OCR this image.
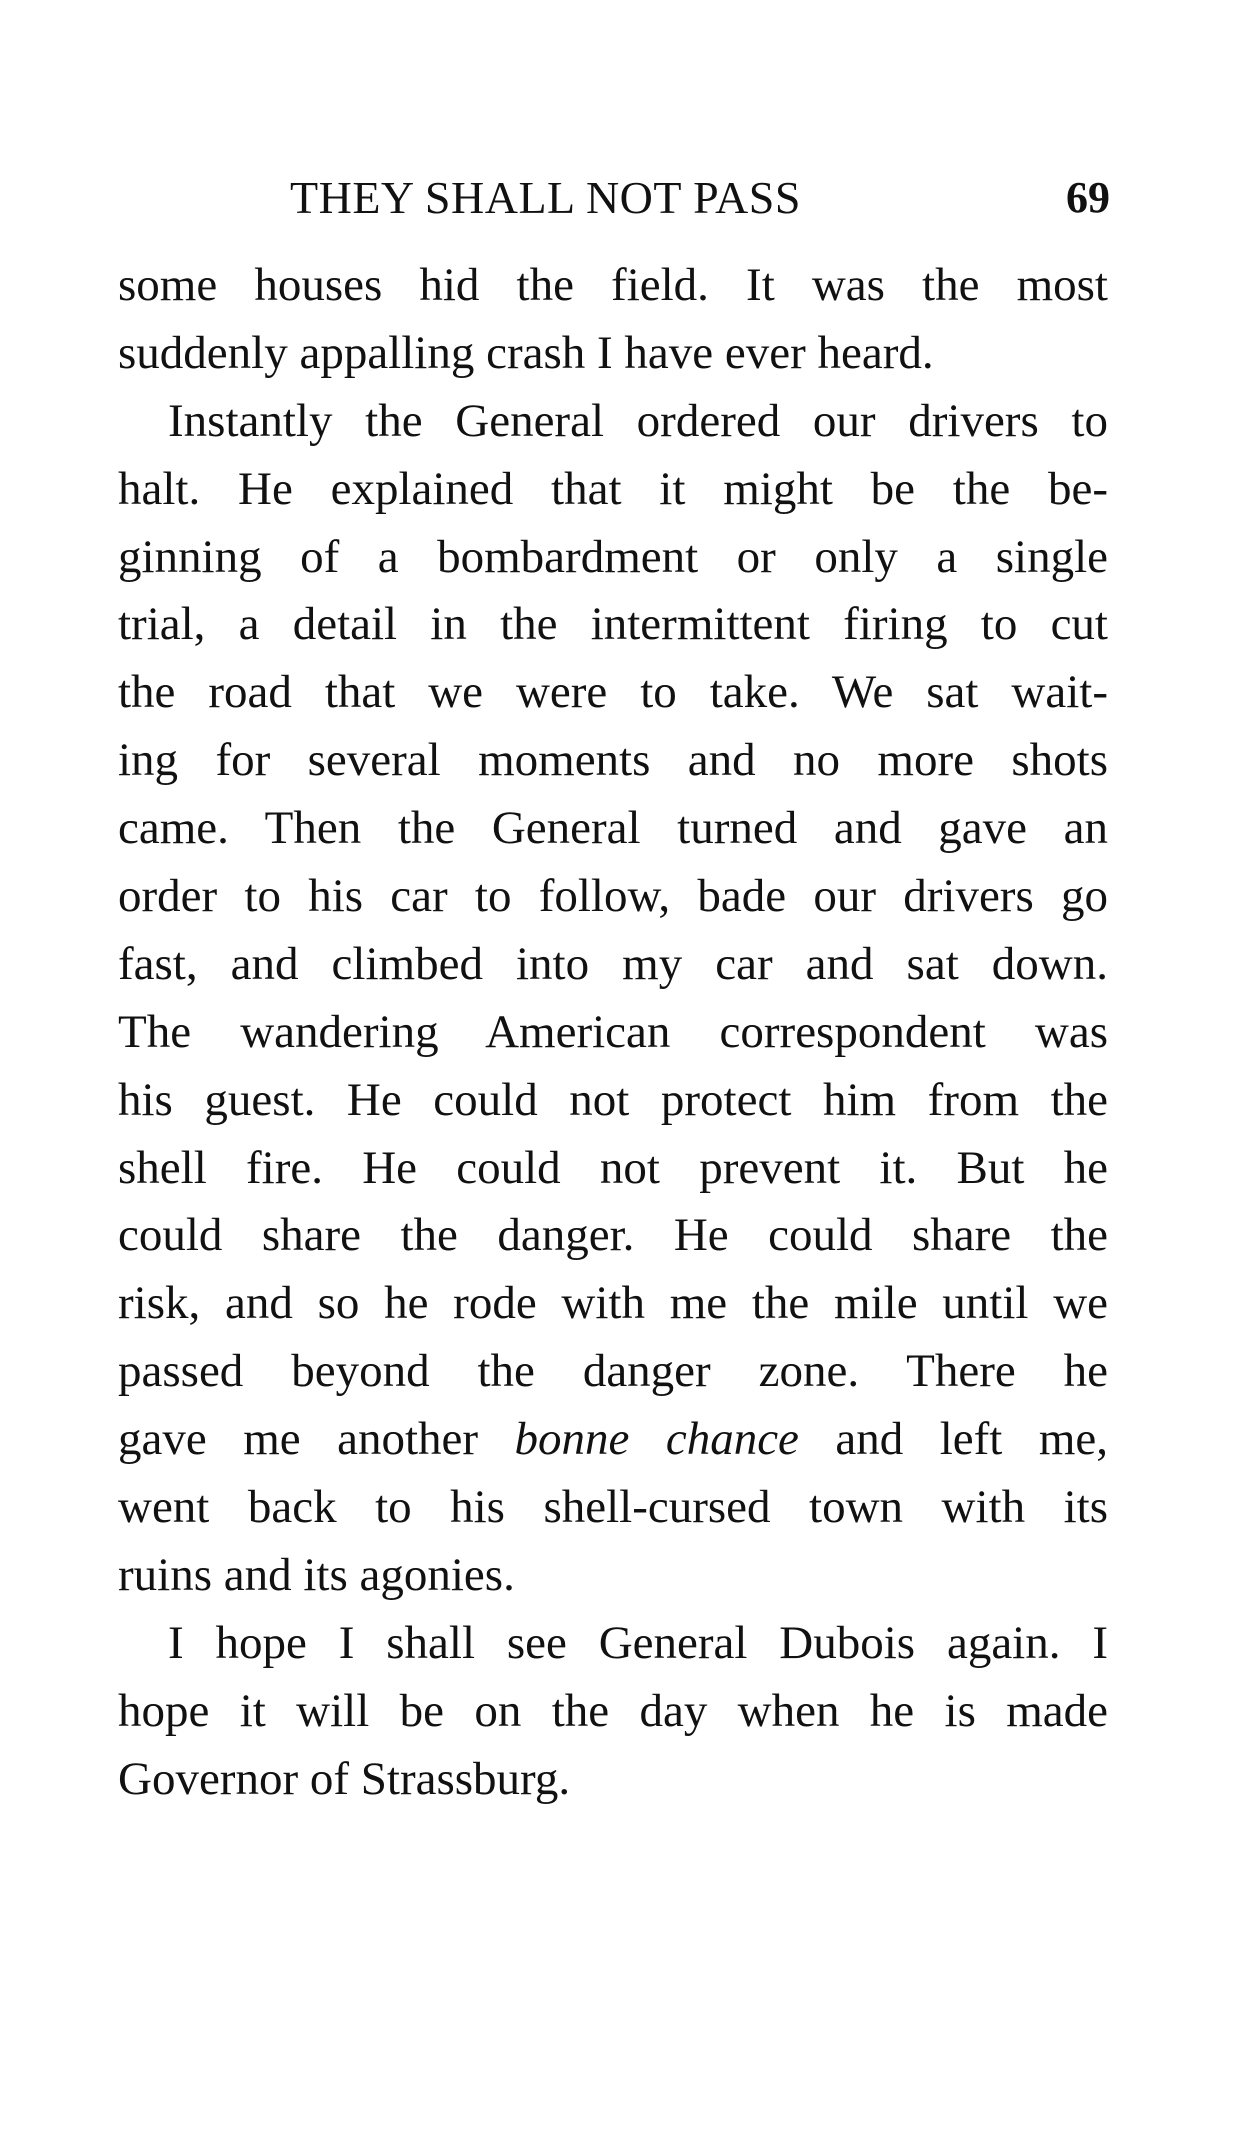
THEY SHALL NOT PASS	69
some houses hid the field. It was the most
suddenly appalling crash I have ever heard.
Instantly the General ordered our drivers to
halt. He explained that it might be the be-
ginning of a bombardment or only a single
trial, a detail in the intermittent firing to cut
the road that we were to take. We sat wait-
ing for several moments and no more shots
came. Then the General turned and gave an
order to his car to follow, bade our drivers go
fast, and climbed into my car and sat down.
The wandering American correspondent was
his guest. He could not protect him from the
shell fire. He could not prevent it. But he
could share the danger. He could share the
risk, and so he rode with me the mile until we
passed beyond the danger zone. There he
gave me another bonne chance and left me,
went back to his shell-cursed town with its
ruins and its agonies.
I hope I shall see General Dubois again. I
hope it will be on the day when he is made
Governor of Strassburg.
